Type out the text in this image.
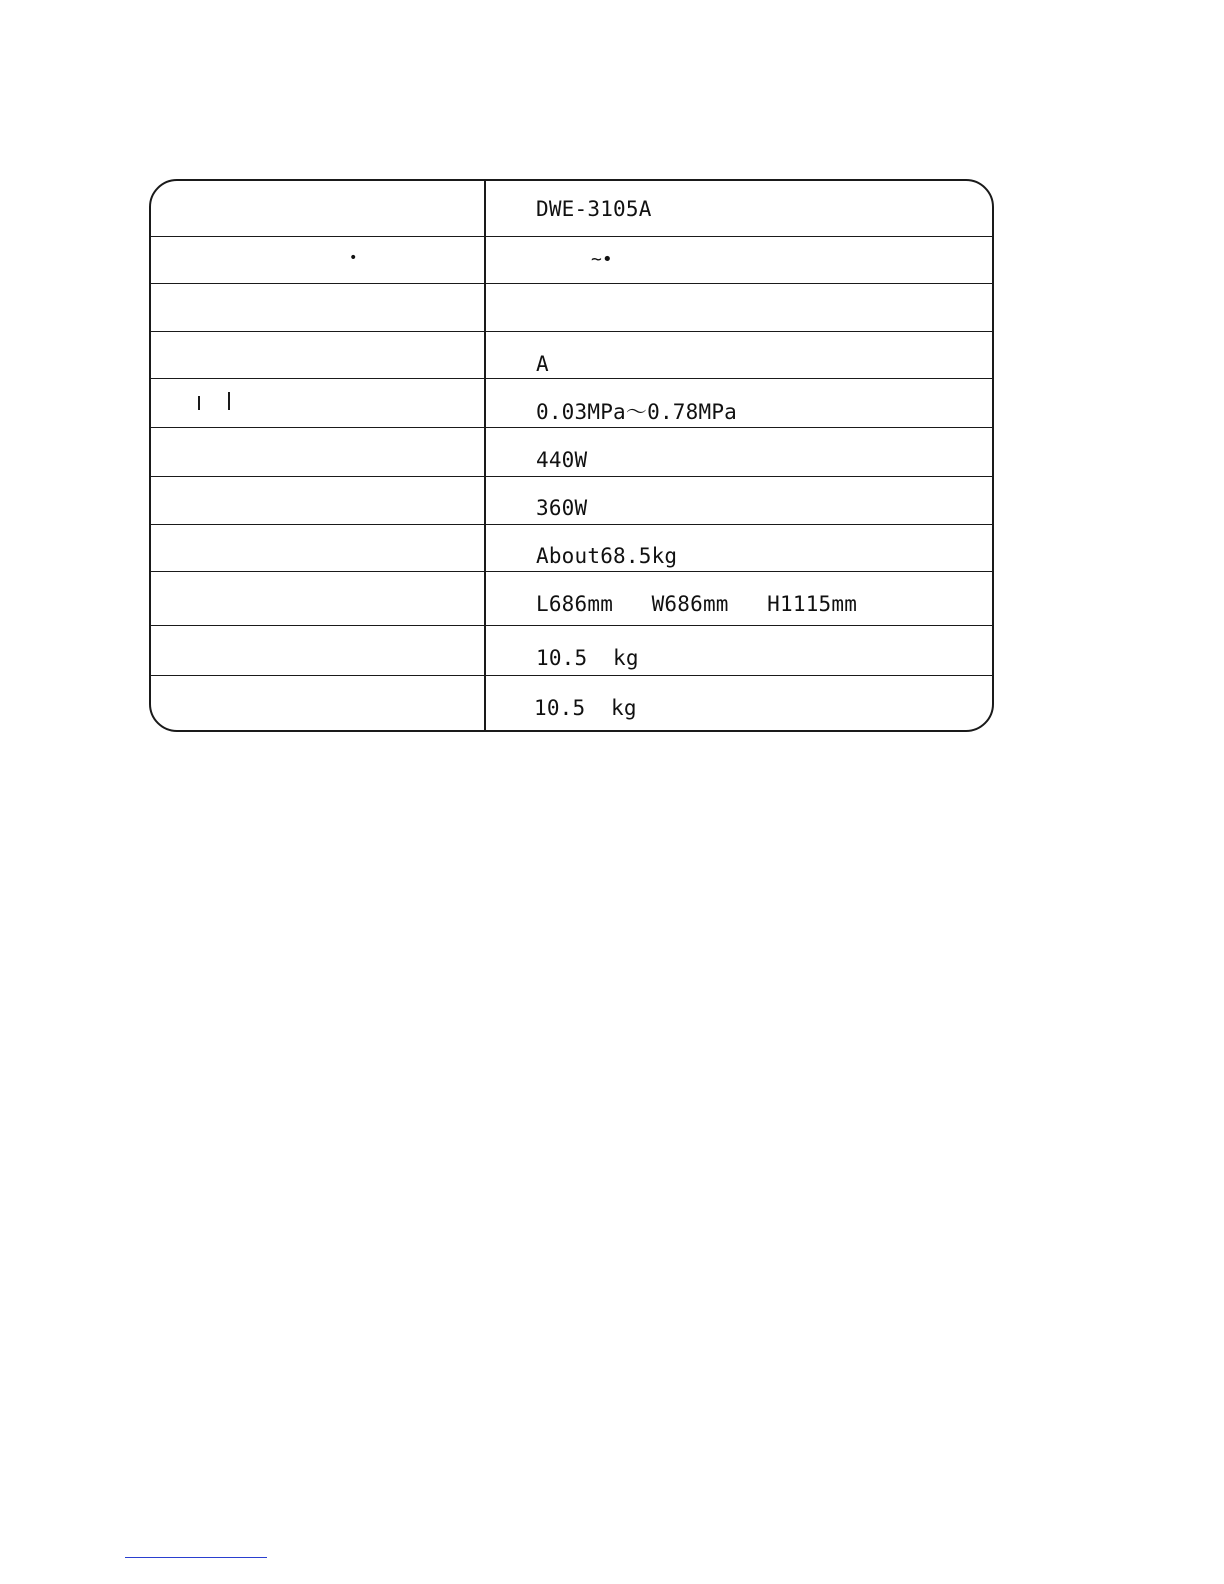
DWE-3105A
•	~•
A
0.03MPa～0.78MPa
440W
360W
About68.5kg
L686mm   W686mm   H1115mm
10.5  kg
10.5  kg
